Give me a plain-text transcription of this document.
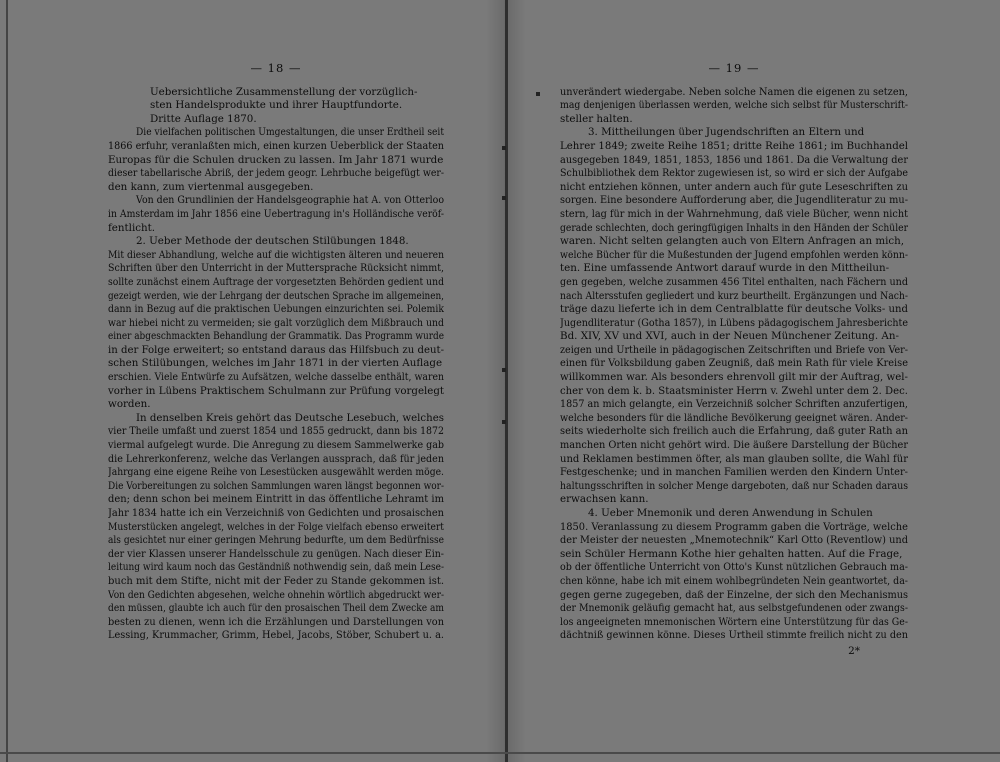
— 18 —
Uebersichtliche Zusammenstellung der vorzüglich-
sten Handelsprodukte und ihrer Hauptfundorte.
Dritte Auflage 1870.
Die vielfachen politischen Umgestaltungen, die unser Erdtheil seit
1866 erfuhr, veranlaßten mich, einen kurzen Ueberblick der Staaten
Europas für die Schulen drucken zu lassen. Im Jahr 1871 wurde
dieser tabellarische Abriß, der jedem geogr. Lehrbuche beigefügt wer-
den kann, zum viertenmal ausgegeben.
Von den Grundlinien der Handelsgeographie hat A. von Otterloo
in Amsterdam im Jahr 1856 eine Uebertragung in's Holländische veröf-
fentlicht.
2. Ueber Methode der deutschen Stilübungen 1848.
Mit dieser Abhandlung, welche auf die wichtigsten älteren und neueren
Schriften über den Unterricht in der Muttersprache Rücksicht nimmt,
sollte zunächst einem Auftrage der vorgesetzten Behörden gedient und
gezeigt werden, wie der Lehrgang der deutschen Sprache im allgemeinen,
dann in Bezug auf die praktischen Uebungen einzurichten sei. Polemik
war hiebei nicht zu vermeiden; sie galt vorzüglich dem Mißbrauch und
einer abgeschmackten Behandlung der Grammatik. Das Programm wurde
in der Folge erweitert; so entstand daraus das Hilfsbuch zu deut-
schen Stilübungen, welches im Jahr 1871 in der vierten Auflage
erschien. Viele Entwürfe zu Aufsätzen, welche dasselbe enthält, waren
vorher in Lübens Praktischem Schulmann zur Prüfung vorgelegt
worden.
In denselben Kreis gehört das Deutsche Lesebuch, welches
vier Theile umfaßt und zuerst 1854 und 1855 gedruckt, dann bis 1872
viermal aufgelegt wurde. Die Anregung zu diesem Sammelwerke gab
die Lehrerkonferenz, welche das Verlangen aussprach, daß für jeden
Jahrgang eine eigene Reihe von Lesestücken ausgewählt werden möge.
Die Vorbereitungen zu solchen Sammlungen waren längst begonnen wor-
den; denn schon bei meinem Eintritt in das öffentliche Lehramt im
Jahr 1834 hatte ich ein Verzeichniß von Gedichten und prosaischen
Musterstücken angelegt, welches in der Folge vielfach ebenso erweitert
als gesichtet nur einer geringen Mehrung bedurfte, um dem Bedürfnisse
der vier Klassen unserer Handelsschule zu genügen. Nach dieser Ein-
leitung wird kaum noch das Geständniß nothwendig sein, daß mein Lese-
buch mit dem Stifte, nicht mit der Feder zu Stande gekommen ist.
Von den Gedichten abgesehen, welche ohnehin wörtlich abgedruckt wer-
den müssen, glaubte ich auch für den prosaischen Theil dem Zwecke am
besten zu dienen, wenn ich die Erzählungen und Darstellungen von
Lessing, Krummacher, Grimm, Hebel, Jacobs, Stöber, Schubert u. a.
— 19 —
unverändert wiedergabe. Neben solche Namen die eigenen zu setzen,
mag denjenigen überlassen werden, welche sich selbst für Musterschrift-
steller halten.
3. Mittheilungen über Jugendschriften an Eltern und
Lehrer 1849; zweite Reihe 1851; dritte Reihe 1861; im Buchhandel
ausgegeben 1849, 1851, 1853, 1856 und 1861. Da die Verwaltung der
Schulbibliothek dem Rektor zugewiesen ist, so wird er sich der Aufgabe
nicht entziehen können, unter andern auch für gute Leseschriften zu
sorgen. Eine besondere Aufforderung aber, die Jugendliteratur zu mu-
stern, lag für mich in der Wahrnehmung, daß viele Bücher, wenn nicht
gerade schlechten, doch geringfügigen Inhalts in den Händen der Schüler
waren. Nicht selten gelangten auch von Eltern Anfragen an mich,
welche Bücher für die Mußestunden der Jugend empfohlen werden könn-
ten. Eine umfassende Antwort darauf wurde in den Mittheilun-
gen gegeben, welche zusammen 456 Titel enthalten, nach Fächern und
nach Altersstufen gegliedert und kurz beurtheilt. Ergänzungen und Nach-
träge dazu lieferte ich in dem Centralblatte für deutsche Volks- und
Jugendliteratur (Gotha 1857), in Lübens pädagogischem Jahresberichte
Bd. XIV, XV und XVI, auch in der Neuen Münchener Zeitung. An-
zeigen und Urtheile in pädagogischen Zeitschriften und Briefe von Ver-
einen für Volksbildung gaben Zeugniß, daß mein Rath für viele Kreise
willkommen war. Als besonders ehrenvoll gilt mir der Auftrag, wel-
cher von dem k. b. Staatsminister Herrn v. Zwehl unter dem 2. Dec.
1857 an mich gelangte, ein Verzeichniß solcher Schriften anzufertigen,
welche besonders für die ländliche Bevölkerung geeignet wären. Ander-
seits wiederholte sich freilich auch die Erfahrung, daß guter Rath an
manchen Orten nicht gehört wird. Die äußere Darstellung der Bücher
und Reklamen bestimmen öfter, als man glauben sollte, die Wahl für
Festgeschenke; und in manchen Familien werden den Kindern Unter-
haltungsschriften in solcher Menge dargeboten, daß nur Schaden daraus
erwachsen kann.
4. Ueber Mnemonik und deren Anwendung in Schulen
1850. Veranlassung zu diesem Programm gaben die Vorträge, welche
der Meister der neuesten „Mnemotechnik“ Karl Otto (Reventlow) und
sein Schüler Hermann Kothe hier gehalten hatten. Auf die Frage,
ob der öffentliche Unterricht von Otto's Kunst nützlichen Gebrauch ma-
chen könne, habe ich mit einem wohlbegründeten Nein geantwortet, da-
gegen gerne zugegeben, daß der Einzelne, der sich den Mechanismus
der Mnemonik geläufig gemacht hat, aus selbstgefundenen oder zwangs-
los angeeigneten mnemonischen Wörtern eine Unterstützung für das Ge-
dächtniß gewinnen könne. Dieses Urtheil stimmte freilich nicht zu den
2*
